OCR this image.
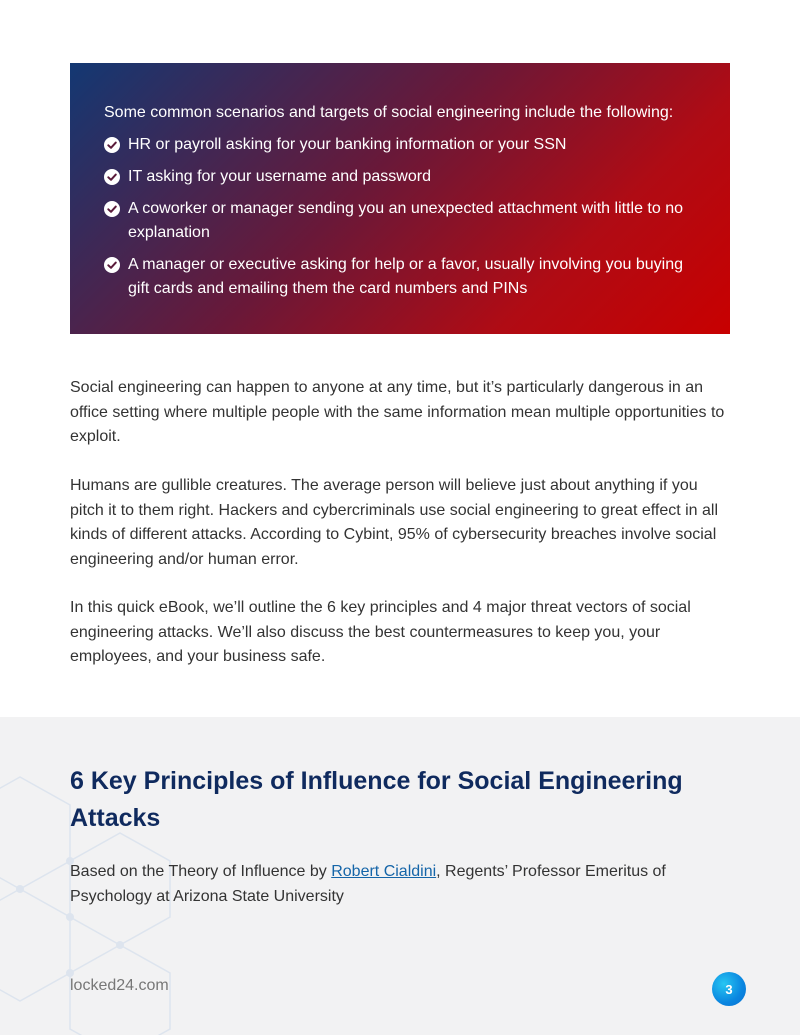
Some common scenarios and targets of social engineering include the following:

HR or payroll asking for your banking information or your SSN
IT asking for your username and password
A coworker or manager sending you an unexpected attachment with little to no explanation
A manager or executive asking for help or a favor, usually involving you buying gift cards and emailing them the card numbers and PINs

Social engineering can happen to anyone at any time, but it’s particularly dangerous in an office setting where multiple people with the same information mean multiple opportunities to exploit.

Humans are gullible creatures. The average person will believe just about anything if you pitch it to them right. Hackers and cybercriminals use social engineering to great effect in all kinds of different attacks. According to Cybint, 95% of cybersecurity breaches involve social engineering and/or human error.

In this quick eBook, we’ll outline the 6 key principles and 4 major threat vectors of social engineering attacks. We’ll also discuss the best countermeasures to keep you, your employees, and your business safe.

6 Key Principles of Influence for Social Engineering Attacks

Based on the Theory of Influence by Robert Cialdini, Regents’ Professor Emeritus of Psychology at Arizona State University

locked24.com	3
